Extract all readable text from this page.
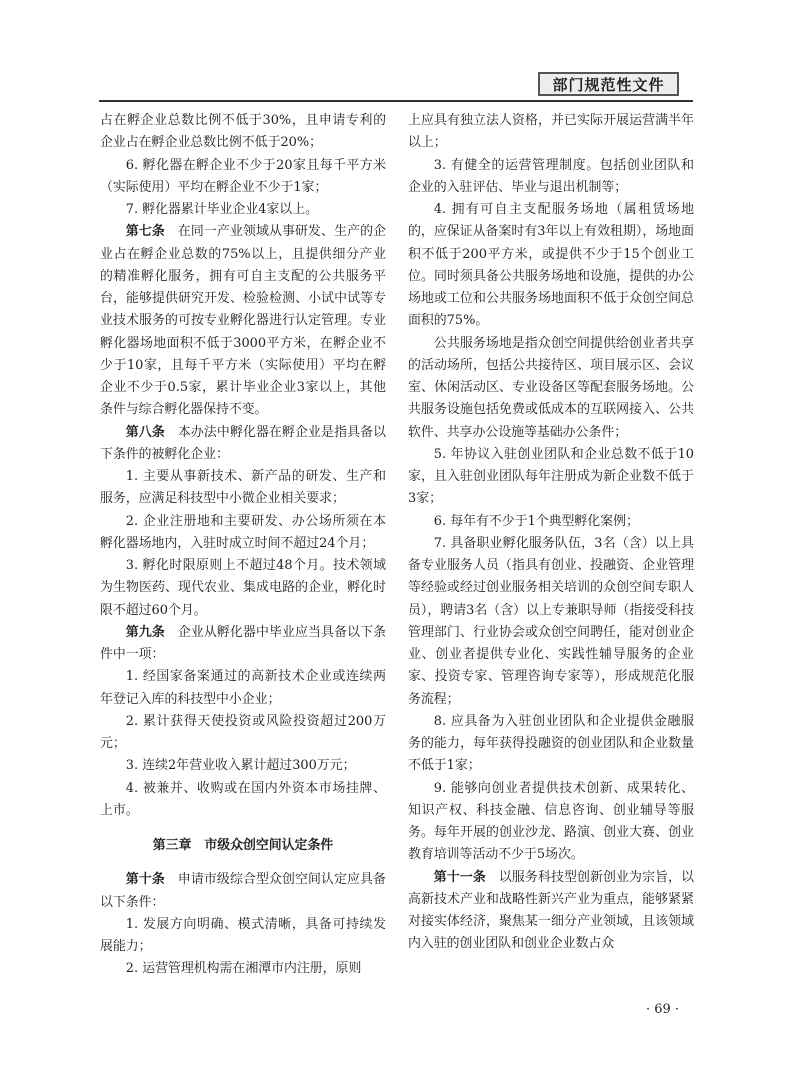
部门规范性文件

占在孵企业总数比例不低于30%，且申请专利的企业占在孵企业总数比例不低于20%；

6. 孵化器在孵企业不少于20家且每千平方米（实际使用）平均在孵企业不少于1家；

7. 孵化器累计毕业企业4家以上。

第七条　在同一产业领域从事研发、生产的企业占在孵企业总数的75%以上，且提供细分产业的精准孵化服务，拥有可自主支配的公共服务平台，能够提供研究开发、检验检测、小试中试等专业技术服务的可按专业孵化器进行认定管理。专业孵化器场地面积不低于3000平方米，在孵企业不少于10家，且每千平方米（实际使用）平均在孵企业不少于0.5家，累计毕业企业3家以上，其他条件与综合孵化器保持不变。

第八条　本办法中孵化器在孵企业是指具备以下条件的被孵化企业：

1. 主要从事新技术、新产品的研发、生产和服务，应满足科技型中小微企业相关要求；

2. 企业注册地和主要研发、办公场所须在本孵化器场地内，入驻时成立时间不超过24个月；

3. 孵化时限原则上不超过48个月。技术领域为生物医药、现代农业、集成电路的企业，孵化时限不超过60个月。

第九条　企业从孵化器中毕业应当具备以下条件中一项：

1. 经国家备案通过的高新技术企业或连续两年登记入库的科技型中小企业；

2. 累计获得天使投资或风险投资超过200万元；

3. 连续2年营业收入累计超过300万元；

4. 被兼并、收购或在国内外资本市场挂牌、上市。

第三章　市级众创空间认定条件

第十条　申请市级综合型众创空间认定应具备以下条件：

1. 发展方向明确、模式清晰，具备可持续发展能力；

2. 运营管理机构需在湘潭市内注册，原则

上应具有独立法人资格，并已实际开展运营满半年以上；

3. 有健全的运营管理制度。包括创业团队和企业的入驻评估、毕业与退出机制等；

4. 拥有可自主支配服务场地（属租赁场地的，应保证从备案时有3年以上有效租期），场地面积不低于200平方米，或提供不少于15个创业工位。同时须具备公共服务场地和设施，提供的办公场地或工位和公共服务场地面积不低于众创空间总面积的75%。

公共服务场地是指众创空间提供给创业者共享的活动场所，包括公共接待区、项目展示区、会议室、休闲活动区、专业设备区等配套服务场地。公共服务设施包括免费或低成本的互联网接入、公共软件、共享办公设施等基础办公条件；

5. 年协议入驻创业团队和企业总数不低于10家，且入驻创业团队每年注册成为新企业数不低于3家；

6. 每年有不少于1个典型孵化案例；

7. 具备职业孵化服务队伍，3名（含）以上具备专业服务人员（指具有创业、投融资、企业管理等经验或经过创业服务相关培训的众创空间专职人员），聘请3名（含）以上专兼职导师（指接受科技管理部门、行业协会或众创空间聘任，能对创业企业、创业者提供专业化、实践性辅导服务的企业家、投资专家、管理咨询专家等），形成规范化服务流程；

8. 应具备为入驻创业团队和企业提供金融服务的能力，每年获得投融资的创业团队和企业数量不低于1家；

9. 能够向创业者提供技术创新、成果转化、知识产权、科技金融、信息咨询、创业辅导等服务。每年开展的创业沙龙、路演、创业大赛、创业教育培训等活动不少于5场次。

第十一条　以服务科技型创新创业为宗旨，以高新技术产业和战略性新兴产业为重点，能够紧紧对接实体经济，聚焦某一细分产业领域，且该领域内入驻的创业团队和创业企业数占众

· 69 ·
